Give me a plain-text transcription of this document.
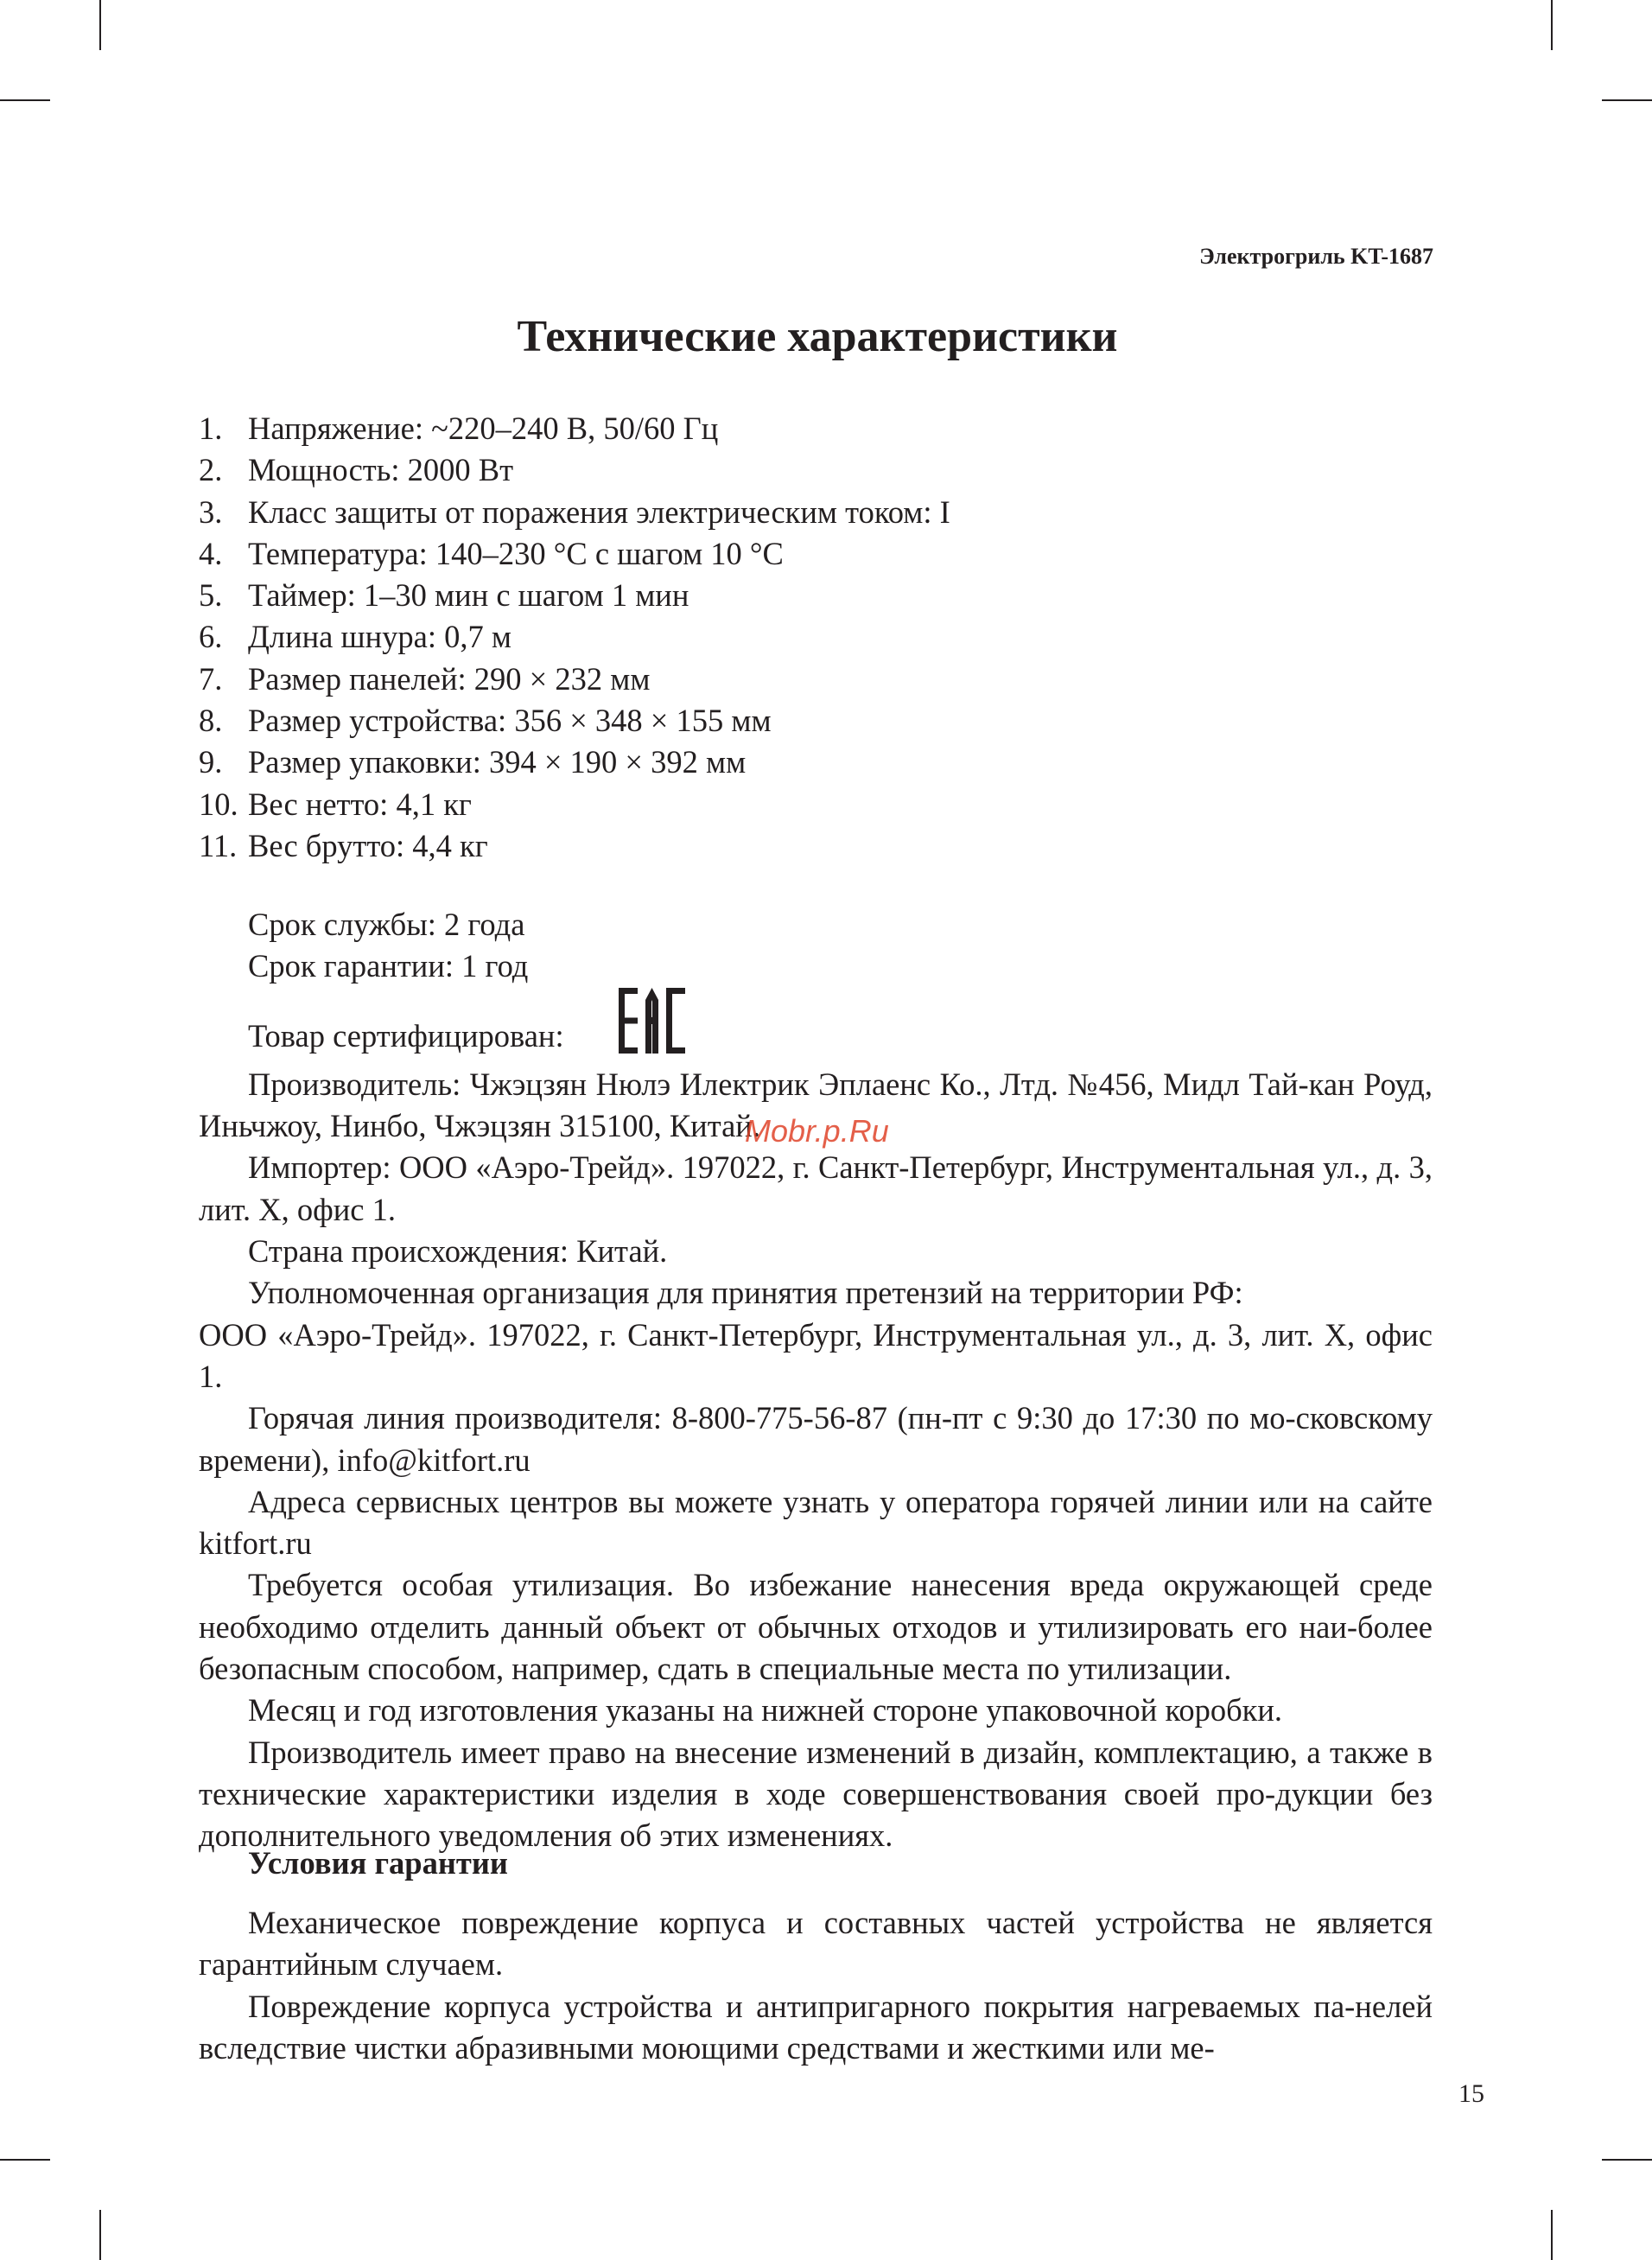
Электрогриль KT-1687
Технические характеристики
1. Напряжение: ~220–240 В, 50/60 Гц
2. Мощность: 2000 Вт
3. Класс защиты от поражения электрическим током: I
4. Температура: 140–230 °С с шагом 10 °С
5. Таймер: 1–30 мин с шагом 1 мин
6. Длина шнура: 0,7 м
7. Размер панелей: 290 × 232 мм
8. Размер устройства: 356 × 348 × 155 мм
9. Размер упаковки: 394 × 190 × 392 мм
10. Вес нетто: 4,1 кг
11. Вес брутто: 4,4 кг

Срок службы: 2 года

Срок гарантии: 1 год

Товар сертифицирован:

Производитель: Чжэцзян Нюлэ Илектрик Эплаенс Ко., Лтд. №456, Мидл Тай-кан Роуд, Иньчжоу, Нинбо, Чжэцзян 315100, Китай.

Импортер: ООО «Аэро-Трейд». 197022, г. Санкт-Петербург, Инструментальная ул., д. 3, лит. Х, офис 1.

Страна происхождения: Китай.

Уполномоченная организация для принятия претензий на территории РФ:

ООО «Аэро-Трейд». 197022, г. Санкт-Петербург, Инструментальная ул., д. 3, лит. Х, офис 1.

Горячая линия производителя: 8-800-775-56-87 (пн-пт с 9:30 до 17:30 по мо-сковскому времени), info@kitfort.ru

Адреса сервисных центров вы можете узнать у оператора горячей линии или на сайте kitfort.ru

Требуется особая утилизация. Во избежание нанесения вреда окружающей среде необходимо отделить данный объект от обычных отходов и утилизировать его наи-более безопасным способом, например, сдать в специальные места по утилизации.

Месяц и год изготовления указаны на нижней стороне упаковочной коробки.

Производитель имеет право на внесение изменений в дизайн, комплектацию, а также в технические характеристики изделия в ходе совершенствования своей про-дукции без дополнительного уведомления об этих изменениях.

Условия гарантии

Механическое повреждение корпуса и составных частей устройства не является гарантийным случаем.

Повреждение корпуса устройства и антипригарного покрытия нагреваемых па-нелей вследствие чистки абразивными моющими средствами и жесткими или ме-

Mobr.p.Ru
15
